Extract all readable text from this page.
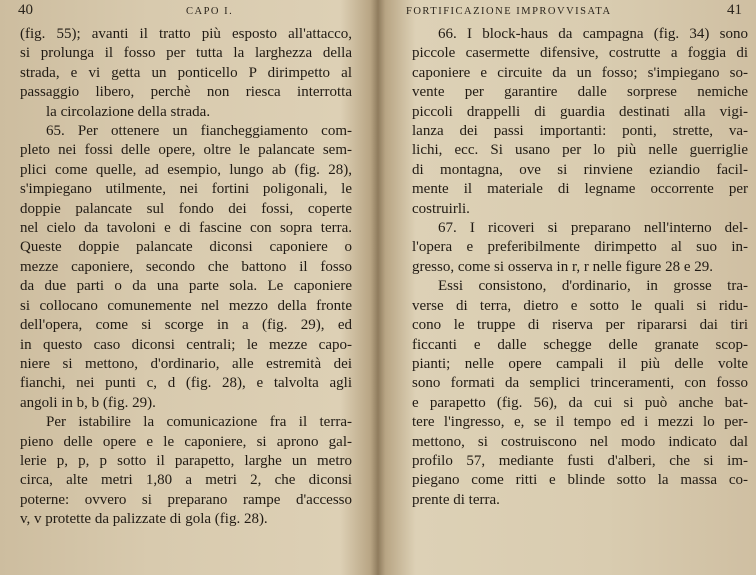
40	CAPO I.
(fig. 55); avanti il tratto più esposto all'attacco,
si prolunga il fosso per tutta la larghezza della
strada, e vi getta un ponticello P dirimpetto al
passaggio libero, perchè non riesca interrotta
la circolazione della strada.
65. Per ottenere un fiancheggiamento com-
pleto nei fossi delle opere, oltre le palancate sem-
plici come quelle, ad esempio, lungo ab (fig. 28),
s'impiegano utilmente, nei fortini poligonali, le
doppie palancate sul fondo dei fossi, coperte
nel cielo da tavoloni e di fascine con sopra terra.
Queste doppie palancate diconsi caponiere o
mezze caponiere, secondo che battono il fosso
da due parti o da una parte sola. Le caponiere
si collocano comunemente nel mezzo della fronte
dell'opera, come si scorge in a (fig. 29), ed
in questo caso diconsi centrali; le mezze capo-
niere si mettono, d'ordinario, alle estremità dei
fianchi, nei punti c, d (fig. 28), e talvolta agli
angoli in b, b (fig. 29).
Per istabilire la comunicazione fra il terra-
pieno delle opere e le caponiere, si aprono gal-
lerie p, p, p sotto il parapetto, larghe un metro
circa, alte metri 1,80 a metri 2, che diconsi
poterne: ovvero si preparano rampe d'accesso
v, v protette da palizzate di gola (fig. 28).
FORTIFICAZIONE IMPROVVISATA	41
66. I block-haus da campagna (fig. 34) sono
piccole casermette difensive, costrutte a foggia di
caponiere e circuite da un fosso; s'impiegano so-
vente per garantire dalle sorprese nemiche
piccoli drappelli di guardia destinati alla vigi-
lanza dei passi importanti: ponti, strette, va-
lichi, ecc. Si usano per lo più nelle guerriglie
di montagna, ove si rinviene eziandio facil-
mente il materiale di legname occorrente per
costruirli.
67. I ricoveri si preparano nell'interno del-
l'opera e preferibilmente dirimpetto al suo in-
gresso, come si osserva in r, r nelle figure 28 e 29.
Essi consistono, d'ordinario, in grosse tra-
verse di terra, dietro e sotto le quali si ridu-
cono le truppe di riserva per ripararsi dai tiri
ficcanti e dalle schegge delle granate scop-
pianti; nelle opere campali il più delle volte
sono formati da semplici trinceramenti, con fosso
e parapetto (fig. 56), da cui si può anche bat-
tere l'ingresso, e, se il tempo ed i mezzi lo per-
mettono, si costruiscono nel modo indicato dal
profilo 57, mediante fusti d'alberi, che si im-
piegano come ritti e blinde sotto la massa co-
prente di terra.
